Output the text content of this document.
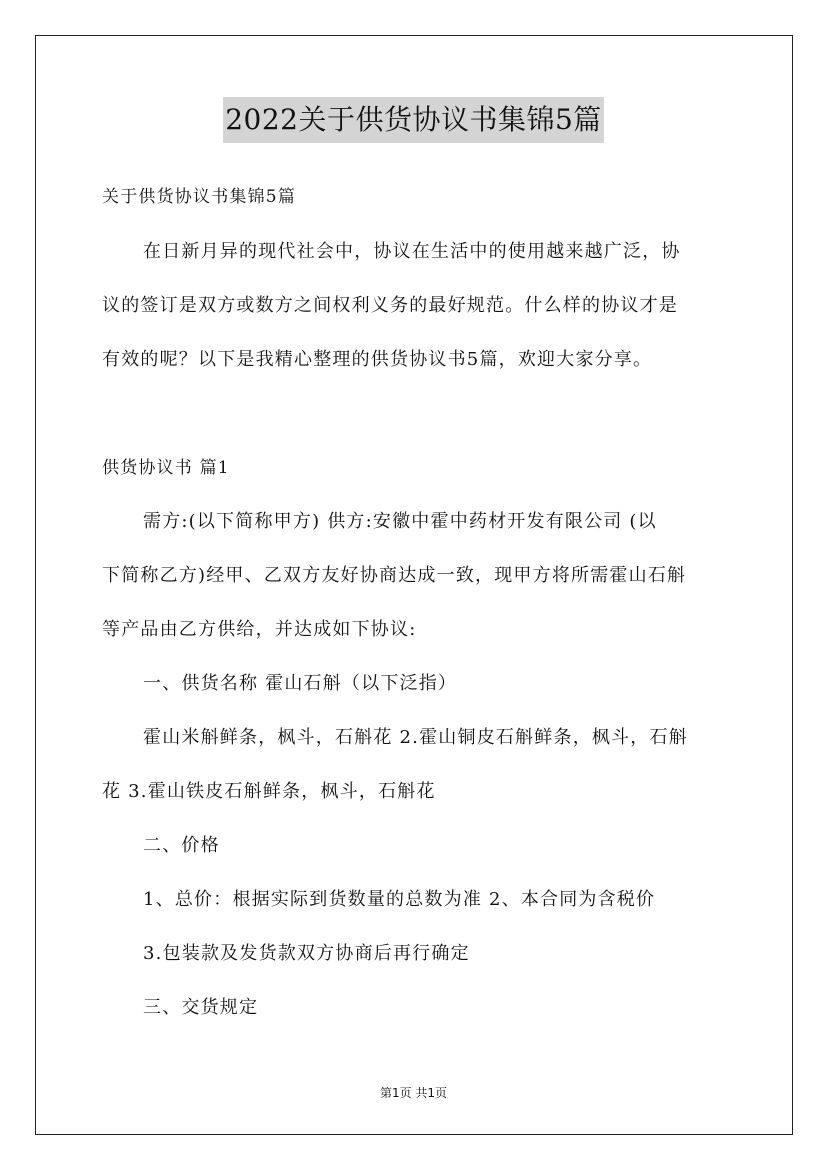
2022关于供货协议书集锦5篇
关于供货协议书集锦5篇
在日新月异的现代社会中，协议在生活中的使用越来越广泛，协
议的签订是双方或数方之间权利义务的最好规范。什么样的协议才是
有效的呢？以下是我精心整理的供货协议书5篇，欢迎大家分享。
供货协议书 篇1
需方:(以下简称甲方) 供方:安徽中霍中药材开发有限公司 (以
下简称乙方)经甲、乙双方友好协商达成一致，现甲方将所需霍山石斛
等产品由乙方供给，并达成如下协议:
一、供货名称 霍山石斛（以下泛指）
霍山米斛鲜条，枫斗，石斛花 2.霍山铜皮石斛鲜条，枫斗，石斛
花 3.霍山铁皮石斛鲜条，枫斗，石斛花
二、价格
1、总价：根据实际到货数量的总数为准 2、本合同为含税价
3.包装款及发货款双方协商后再行确定
三、交货规定
第1页 共1页
